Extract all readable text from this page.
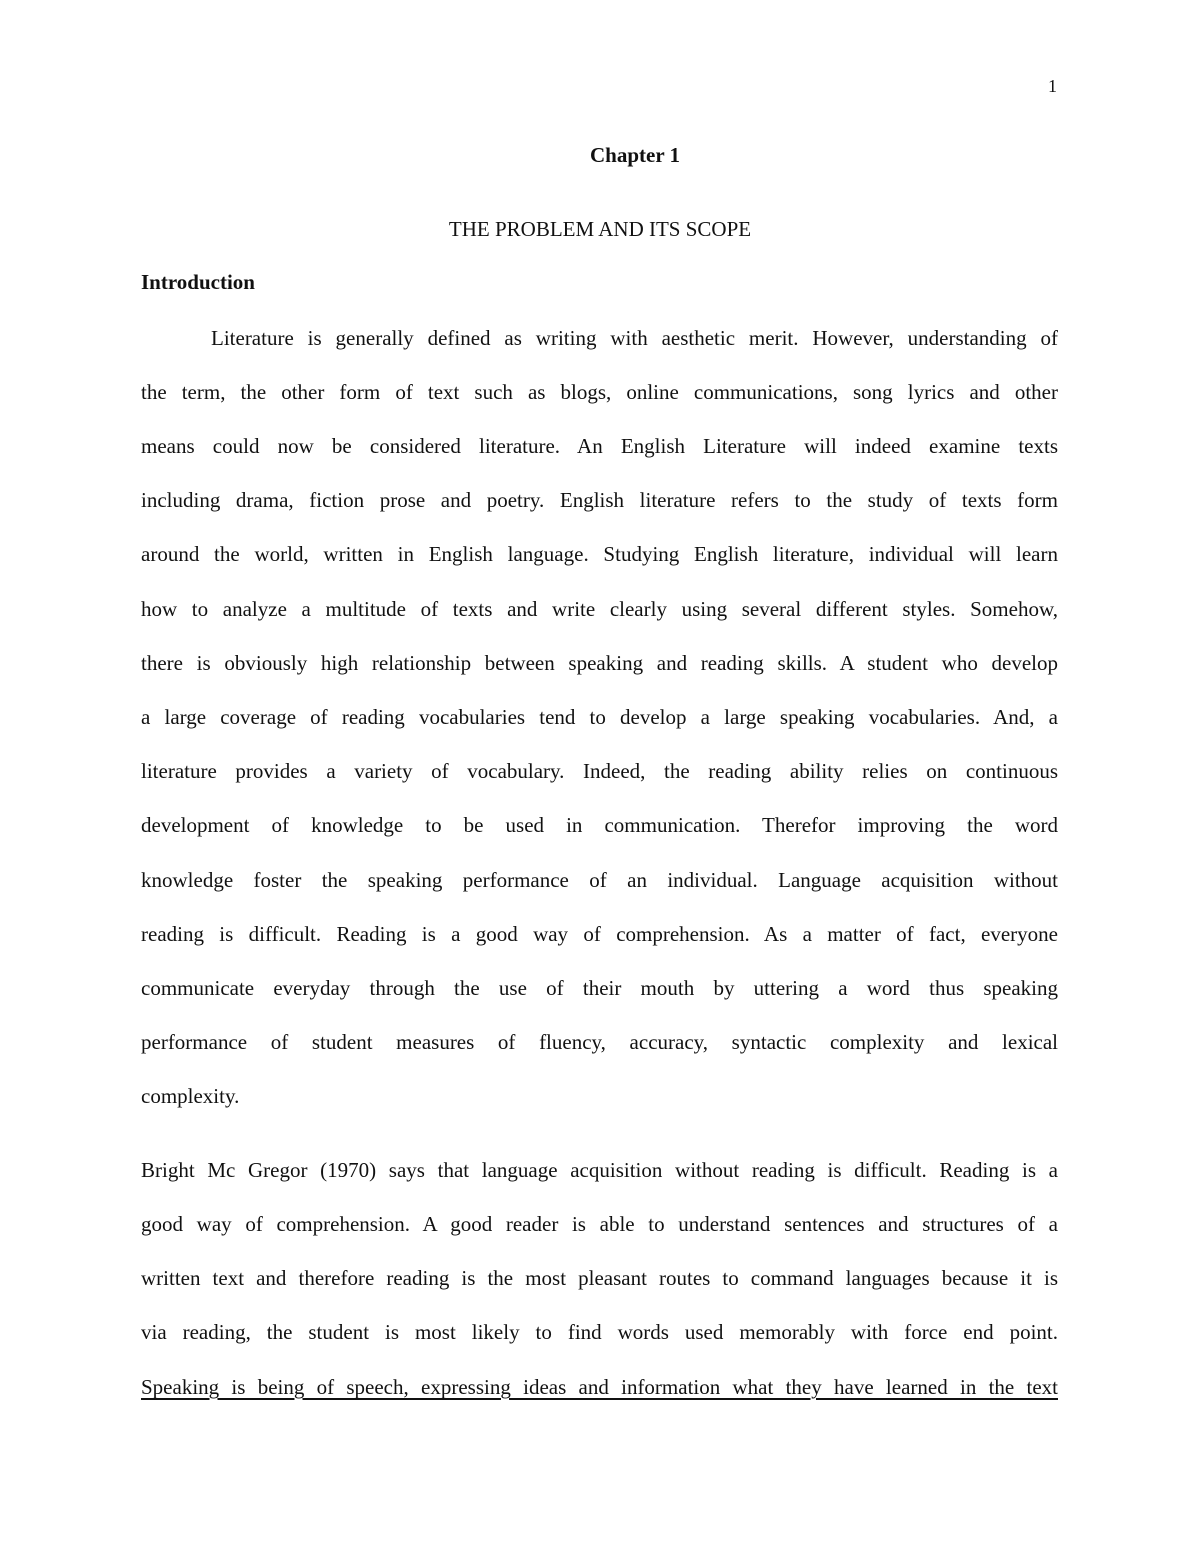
1
Chapter 1
THE PROBLEM AND ITS SCOPE
Introduction
Literature is generally defined as writing with aesthetic merit. However, understanding of
the term, the other form of text such as blogs, online communications, song lyrics and other
means could now be considered literature. An English Literature will indeed examine texts
including drama, fiction prose and poetry. English literature refers to the study of texts form
around the world, written in English language. Studying English literature, individual will learn
how to analyze a multitude of texts and write clearly using several different styles. Somehow,
there is obviously high relationship between speaking and reading skills. A student who develop
a large coverage of reading vocabularies tend to develop a large speaking vocabularies. And, a
literature provides a variety of vocabulary. Indeed, the reading ability relies on continuous
development of knowledge to be used in communication. Therefor improving the word
knowledge foster the speaking performance of an individual. Language acquisition without
reading is difficult. Reading is a good way of comprehension. As a matter of fact, everyone
communicate everyday through the use of their mouth by uttering a word thus speaking
performance of student measures of fluency, accuracy, syntactic complexity and lexical
complexity.
Bright Mc Gregor (1970) says that language acquisition without reading is difficult. Reading is a
good way of comprehension. A good reader is able to understand sentences and structures of a
written text and therefore reading is the most pleasant routes to command languages because it is
via reading, the student is most likely to find words used memorably with force end point.
Speaking is being of speech, expressing ideas and information what they have learned in the text
